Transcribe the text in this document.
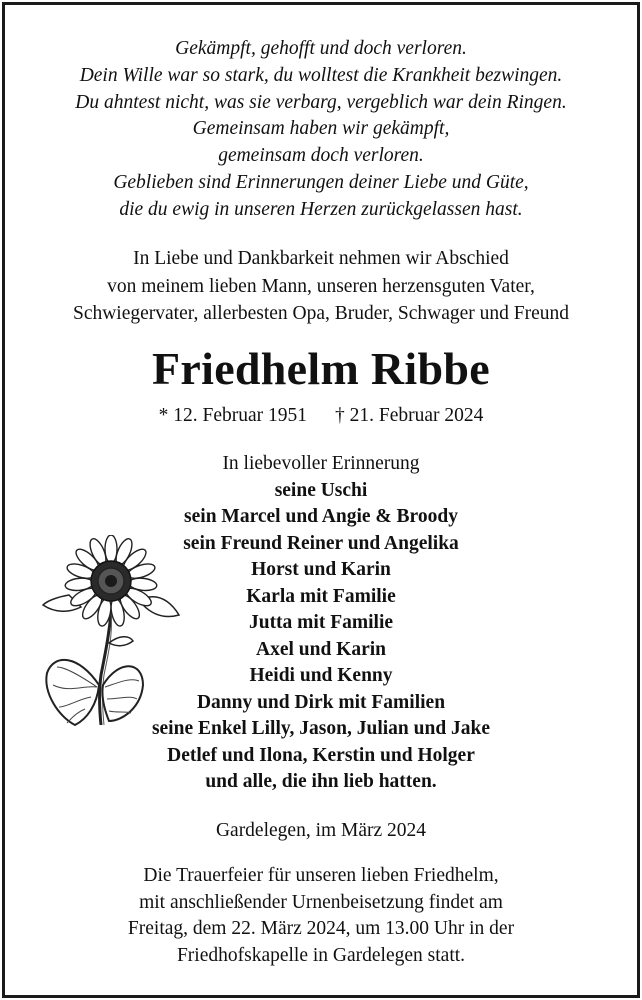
Gekämpft, gehofft und doch verloren.
Dein Wille war so stark, du wolltest die Krankheit bezwingen.
Du ahntest nicht, was sie verbarg, vergeblich war dein Ringen.
Gemeinsam haben wir gekämpft,
gemeinsam doch verloren.
Geblieben sind Erinnerungen deiner Liebe und Güte,
die du ewig in unseren Herzen zurückgelassen hast.
In Liebe und Dankbarkeit nehmen wir Abschied
von meinem lieben Mann, unseren herzensguten Vater,
Schwiegervater, allerbesten Opa, Bruder, Schwager und Freund
Friedhelm Ribbe
* 12. Februar 1951 † 21. Februar 2024
In liebevoller Erinnerung
seine Uschi
sein Marcel und Angie & Broody
sein Freund Reiner und Angelika
Horst und Karin
Karla mit Familie
Jutta mit Familie
Axel und Karin
Heidi und Kenny
Danny und Dirk mit Familien
seine Enkel Lilly, Jason, Julian und Jake
Detlef und Ilona, Kerstin und Holger
und alle, die ihn lieb hatten.
Gardelegen, im März 2024
Die Trauerfeier für unseren lieben Friedhelm,
mit anschließender Urnenbeisetzung findet am
Freitag, dem 22. März 2024, um 13.00 Uhr in der
Friedhofskapelle in Gardelegen statt.
